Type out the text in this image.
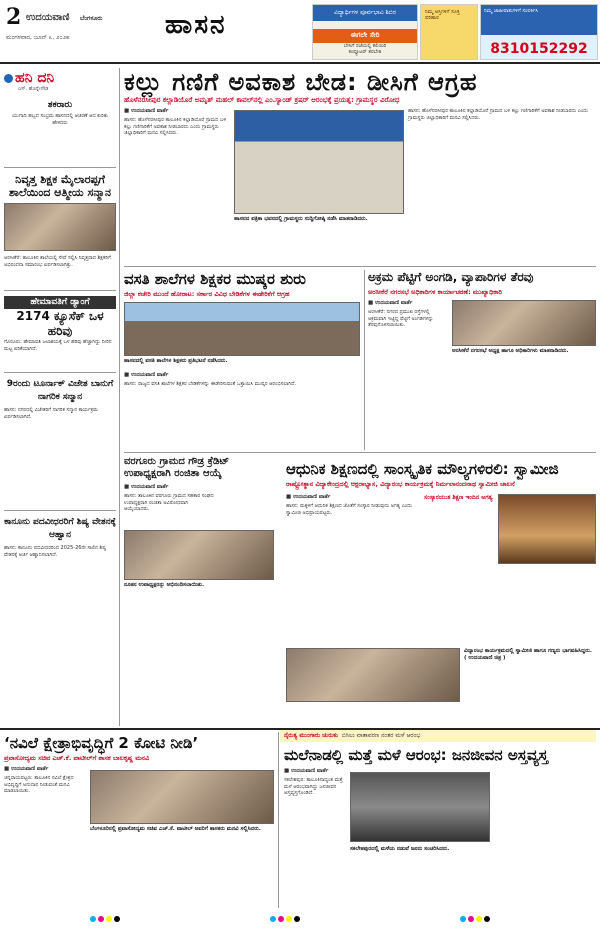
2 ಉದಯವಾಣಿ ಬೆಂಗಳೂರು
ಮಂಗಳವಾರ, ಜೂನ್ ೩, ೨೦೨೫	ಹಾಸನ	ವಿದ್ಯಾರ್ಥಿಗಳ ಪೂರ್ವಭಾವಿ ಶಿಬಿರ
ಈಗಲೇ ಸೇರಿ
ಬೇಸಿಗೆ ರಜೆಯಲ್ಲಿ ಕಲಿಯಿರಿ
ಕಂಪ್ಯೂಟರ್ ತರಬೇತಿ
ನಿಮ್ಮ ಆಸ್ತಿಗಳಿಗೆ ಸೂಕ್ತ ಪರಿಹಾರ
ನಿಮ್ಮ ಜಾಹೀರಾತುಗಳಿಗೆ ಸಂಪರ್ಕಿಸಿ
8310152292
ಹನಿ ದನಿ
ಎಸ್. ಹೊನ್ನೇಗೌಡ
ತಕರಾರು
ಯುಗಾದಿ ಹಬ್ಬದ ಸಂಭ್ರಮ ಹಾಸನದಲ್ಲಿ ಆಚರಣೆ ಆದ ಕುರಿತು ಹೇಳಿದರು
ನಿವೃತ್ತ ಶಿಕ್ಷಕ ಮೈಲಾರಪ್ಪಗೆ ಶಾಲೆಯಿಂದ ಆತ್ಮೀಯ ಸನ್ಮಾನ
ಅರಸೀಕೆರೆ: ತಾಲೂಕಿನ ಶಾಲೆಯಲ್ಲಿ ಸೇವೆ ಸಲ್ಲಿಸಿ ನಿವೃತ್ತರಾದ ಶಿಕ್ಷಕರಿಗೆ ಅಭಿನಂದನಾ ಸಮಾರಂಭ ಏರ್ಪಡಿಸಲಾಗಿತ್ತು.
ಹೇಮಾವತಿಗೆ ಡ್ಯಾಂಗೆ
2174 ಕ್ಯೂಸೆಕ್ ಒಳ ಹರಿವು
ಗೊರೂರು: ಹೇಮಾವತಿ ಜಲಾಶಯಕ್ಕೆ ಒಳ ಹರಿವು ಹೆಚ್ಚಾಗಿದ್ದು ನೀರಿನ ಮಟ್ಟ ಏರಿಕೆಯಾಗಿದೆ.
9ರಂದು ಟೂರ್ನಾಕ್ ವಿಜೇತ ಬಾನುಗೆ ನಾಗರಿಕ ಸನ್ಮಾನ
ಹಾಸನ: ನಗರದಲ್ಲಿ ವಿಜೇತರಿಗೆ ನಾಗರಿಕ ಸನ್ಮಾನ ಕಾರ್ಯಕ್ರಮ ಏರ್ಪಡಿಸಲಾಗಿದೆ.
ಕಾನೂನು ಪದವೀಧರರಿಗೆ ಶಿಷ್ಯ ವೇತನಕ್ಕೆ ಆಹ್ವಾನ
ಹಾಸನ: ಕಾನೂನು ಪದವೀಧರರಿಂದ 2025-26ನೇ ಸಾಲಿನ ಶಿಷ್ಯ ವೇತನಕ್ಕೆ ಅರ್ಜಿ ಆಹ್ವಾನಿಸಲಾಗಿದೆ.
ಕಲ್ಲು ಗಣಿಗೆ ಅವಕಾಶ ಬೇಡ: ಡೀಸಿಗೆ ಆಗ್ರಹ
ಹೊಳೆನರಸೀಪುರ ಕಲ್ಲಾಡಿಯೊರೆ ಅಮೃತ್ ಮಹಲ್ ಕಾವಲ್‌ನಲ್ಲಿ ಎಂ.ಸ್ಯಾಂಡ್ ಕ್ರಷರ್ ಆರಂಭಕ್ಕೆ ಪ್ರಯತ್ನ: ಗ್ರಾಮಸ್ಥರ ವಿರೋಧ
■ ಉದಯವಾಣಿ ವಾರ್ತೆ
ಹಾಸನ: ಹೊಳೆನರಸೀಪುರ ತಾಲೂಕಿನ ಕಲ್ಲಾಡಿಯೊರೆ ಗ್ರಾಮದ ಬಳಿ ಕಲ್ಲು ಗಣಿಗಾರಿಕೆಗೆ ಅವಕಾಶ ನೀಡಬಾರದು ಎಂದು ಗ್ರಾಮಸ್ಥರು ಜಿಲ್ಲಾಧಿಕಾರಿಗೆ ಮನವಿ ಸಲ್ಲಿಸಿದರು.
ಹಾಸನದ ಪತ್ರಿಕಾ ಭವನದಲ್ಲಿ ಗ್ರಾಮಸ್ಥರು ಸುದ್ದಿಗೋಷ್ಠಿ ನಡೆಸಿ ಮಾತನಾಡಿದರು.
ಹಾಸನ: ಹೊಳೆನರಸೀಪುರ ತಾಲೂಕಿನ ಕಲ್ಲಾಡಿಯೊರೆ ಗ್ರಾಮದ ಬಳಿ ಕಲ್ಲು ಗಣಿಗಾರಿಕೆಗೆ ಅವಕಾಶ ನೀಡಬಾರದು ಎಂದು ಗ್ರಾಮಸ್ಥರು ಜಿಲ್ಲಾಧಿಕಾರಿಗೆ ಮನವಿ ಸಲ್ಲಿಸಿದರು.
ವಸತಿ ಶಾಲೆಗಳ ಶಿಕ್ಷಕರ ಮುಷ್ಕರ ಶುರು
ಜಿಲ್ಲಾ ಕಚೇರಿ ಮುಂದೆ ಹೋರಾಟ: ಸರ್ಕಾರ ವಿವಿಧ ಬೇಡಿಕೆಗಳ ಈಡೇರಿಕೆಗೆ ಆಗ್ರಹ
ಹಾಸನದಲ್ಲಿ ವಸತಿ ಶಾಲೆಗಳ ಶಿಕ್ಷಕರು ಪ್ರತಿಭಟನೆ ನಡೆಸಿದರು.
■ ಉದಯವಾಣಿ ವಾರ್ತೆ
ಹಾಸನ: ರಾಜ್ಯದ ವಸತಿ ಶಾಲೆಗಳ ಶಿಕ್ಷಕರ ಬೇಡಿಕೆಗಳನ್ನು ಈಡೇರಿಸುವಂತೆ ಒತ್ತಾಯಿಸಿ ಮುಷ್ಕರ ಆರಂಭಿಸಲಾಗಿದೆ.
ಅಕ್ರಮ ಪೆಟ್ಟಿಗೆ ಅಂಗಡಿ, ವ್ಯಾಪಾರಿಗಳ ತೆರವು
ಅರಸೀಕೆರೆ ನಗರಸಭೆ ಅಧಿಕಾರಿಗಳ ಕಾರ್ಯಾಚರಣೆ: ಮುಖ್ಯಾಧಿಕಾರಿ
■ ಉದಯವಾಣಿ ವಾರ್ತೆ
ಅರಸೀಕೆರೆ: ನಗರದ ಪ್ರಮುಖ ರಸ್ತೆಗಳಲ್ಲಿ ಅಕ್ರಮವಾಗಿ ಇಟ್ಟಿದ್ದ ಪೆಟ್ಟಿಗೆ ಅಂಗಡಿಗಳನ್ನು ತೆರವುಗೊಳಿಸಲಾಯಿತು.
ಅರಸೀಕೆರೆ ನಗರಸಭೆ ಅಧ್ಯಕ್ಷ ಹಾಗೂ ಅಧಿಕಾರಿಗಳು ಮಾತನಾಡಿದರು.
ವರಗೂರು ಗ್ರಾಮದ ಗೌಡ್ರ ಕ್ರೆಡಿಟ್ ಉಪಾಧ್ಯಕ್ಷರಾಗಿ ರಂಜಿತಾ ಆಯ್ಕೆ
■ ಉದಯವಾಣಿ ವಾರ್ತೆ
ಹಾಸನ: ತಾಲೂಕಿನ ವರಗೂರು ಗ್ರಾಮದ ಸಹಕಾರ ಸಂಘದ ಉಪಾಧ್ಯಕ್ಷರಾಗಿ ರಂಜಿತಾ ಅವಿರೋಧವಾಗಿ ಆಯ್ಕೆಯಾದರು.
ನೂತನ ಉಪಾಧ್ಯಕ್ಷರನ್ನು ಅಭಿನಂದಿಸಲಾಯಿತು.
ಆಧುನಿಕ ಶಿಕ್ಷಣದಲ್ಲಿ ಸಾಂಸ್ಕೃತಿಕ ಮೌಲ್ಯಗಳಿರಲಿ: ಸ್ವಾಮೀಜಿ
ರಾಷ್ಟ್ರೋತ್ಥಾನ ವಿದ್ಯಾಕೇಂದ್ರದಲ್ಲಿ ಆಕ್ಷರಾಭ್ಯಾಸ, ವಿದ್ಯಾರಂಭ ಕಾರ್ಯಕ್ರಮಕ್ಕೆ ನಿರ್ಮಲಾನಂದನಾಥ ಸ್ವಾಮೀಜಿ ಚಾಲನೆ
■ ಉದಯವಾಣಿ ವಾರ್ತೆ
ಹಾಸನ: ಮಕ್ಕಳಿಗೆ ಆಧುನಿಕ ಶಿಕ್ಷಣದ ಜೊತೆಗೆ ಸಂಸ್ಕಾರ ನೀಡುವುದು ಅಗತ್ಯ ಎಂದು ಸ್ವಾಮೀಜಿ ಅಭಿಪ್ರಾಯಪಟ್ಟರು.
ಸಂಸ್ಕಾರಯುತ ಶಿಕ್ಷಣ ಇಂದಿನ ಅಗತ್ಯ
ವಿದ್ಯಾರಂಭ ಕಾರ್ಯಕ್ರಮದಲ್ಲಿ ಸ್ವಾಮೀಜಿ ಹಾಗೂ ಗಣ್ಯರು ಭಾಗವಹಿಸಿದ್ದರು. ( ಉದಯವಾಣಿ ಚಿತ್ರ )
ನೈರುತ್ಯ ಮುಂಗಾರು ಚುರುಕು ಬಿಸಿಲು ವಾತಾವರಣ ನಂತರ ಮಳೆ ಆರಂಭ
‘ನವಿಲೆ ಕ್ಷೇತ್ರಾಭಿವೃದ್ಧಿಗೆ 2 ಕೋಟಿ ನೀಡಿ’
ಪ್ರವಾಸೋದ್ಯಮ ಸಚಿವ ಎಚ್.ಕೆ. ಪಾಟೀಲ್‌ಗೆ ಶಾಸಕ ಬಾಲಕೃಷ್ಣ ಮನವಿ
■ ಉದಯವಾಣಿ ವಾರ್ತೆ
ಚನ್ನರಾಯಪಟ್ಟಣ: ತಾಲೂಕಿನ ನವಿಲೆ ಕ್ಷೇತ್ರದ ಅಭಿವೃದ್ಧಿಗೆ ಅನುದಾನ ನೀಡುವಂತೆ ಮನವಿ ಮಾಡಲಾಯಿತು.
ಬೆಂಗಳೂರಿನಲ್ಲಿ ಪ್ರವಾಸೋದ್ಯಮ ಸಚಿವ ಎಚ್.ಕೆ. ಪಾಟೀಲ್ ಅವರಿಗೆ ಶಾಸಕರು ಮನವಿ ಸಲ್ಲಿಸಿದರು.
ಮಲೆನಾಡಲ್ಲಿ ಮತ್ತೆ ಮಳೆ ಆರಂಭ: ಜನಜೀವನ ಅಸ್ತವ್ಯಸ್ತ
■ ಉದಯವಾಣಿ ವಾರ್ತೆ
ಸಕಲೇಶಪುರ: ತಾಲೂಕಿನಾದ್ಯಂತ ಮತ್ತೆ ಮಳೆ ಆರಂಭವಾಗಿದ್ದು ಜನಜೀವನ ಅಸ್ತವ್ಯಸ್ತಗೊಂಡಿದೆ.
ಸಕಲೇಶಪುರದಲ್ಲಿ ಮಳೆಯ ನಡುವೆ ಜನರು ಸಂಚರಿಸಿದರು.
